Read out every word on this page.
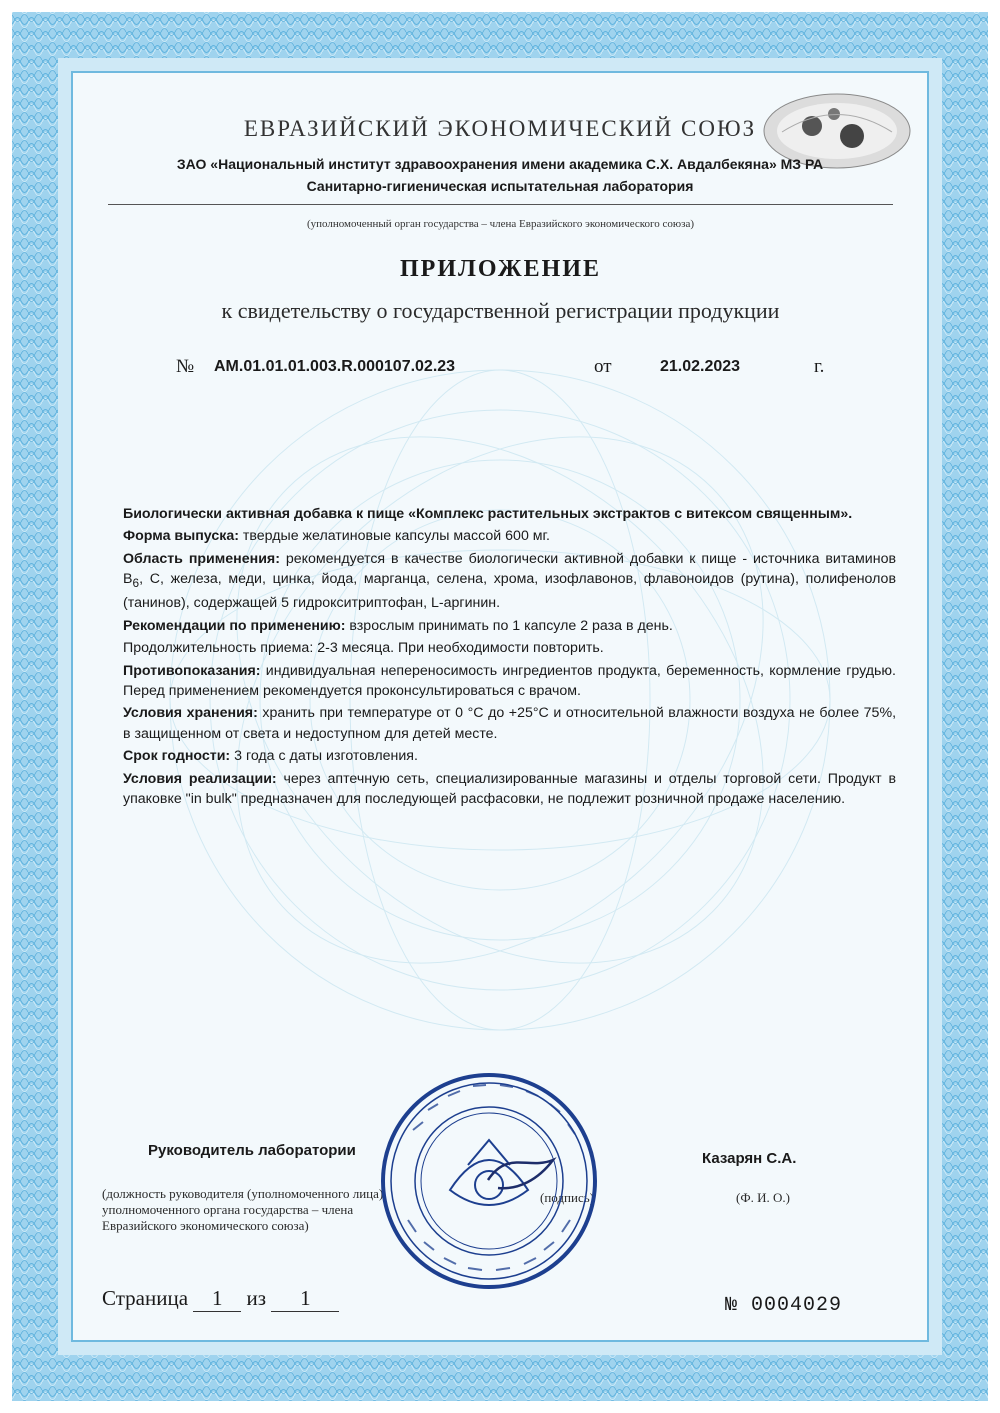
ЕВРАЗИЙСКИЙ ЭКОНОМИЧЕСКИЙ СОЮЗ
ЗАО «Национальный институт здравоохранения имени академика С.Х. Авдалбекяна» МЗ РА
Санитарно-гигиеническая испытательная лаборатория
(уполномоченный орган государства – члена Евразийского экономического союза)
ПРИЛОЖЕНИЕ
к свидетельству о государственной регистрации продукции
№ AM.01.01.01.003.R.000107.02.23	от	21.02.2023	г.

Биологически активная добавка к пище «Комплекс растительных экстрактов с витексом священным».

Форма выпуска: твердые желатиновые капсулы массой 600 мг.

Область применения: рекомендуется в качестве биологически активной добавки к пище - источника витаминов $В_6$, С, железа, меди, цинка, йода, марганца, селена, хрома, изофлавонов, флавоноидов (рутина), полифенолов (танинов), содержащей 5 гидрокситриптофан, L-аргинин.

Рекомендации по применению: взрослым принимать по 1 капсуле 2 раза в день.

Продолжительность приема: 2-3 месяца. При необходимости повторить.

Противопоказания: индивидуальная непереносимость ингредиентов продукта, беременность, кормление грудью. Перед применением рекомендуется проконсультироваться с врачом.

Условия хранения: хранить при температуре от 0 °С до +25°С и относительной влажности воздуха не более 75%, в защищенном от света и недоступном для детей месте.

Срок годности: 3 года с даты изготовления.

Условия реализации: через аптечную сеть, специализированные магазины и отделы торговой сети. Продукт в упаковке "in bulk" предназначен для последующей расфасовки, не подлежит розничной продаже населению.

Руководитель лаборатории	Казарян С.А.
(должность руководителя (уполномоченного лица) уполномоченного органа государства – члена Евразийского экономического союза)
(подпись)	(Ф. И. О.)
Страница 1 из 1	№ 0004029
